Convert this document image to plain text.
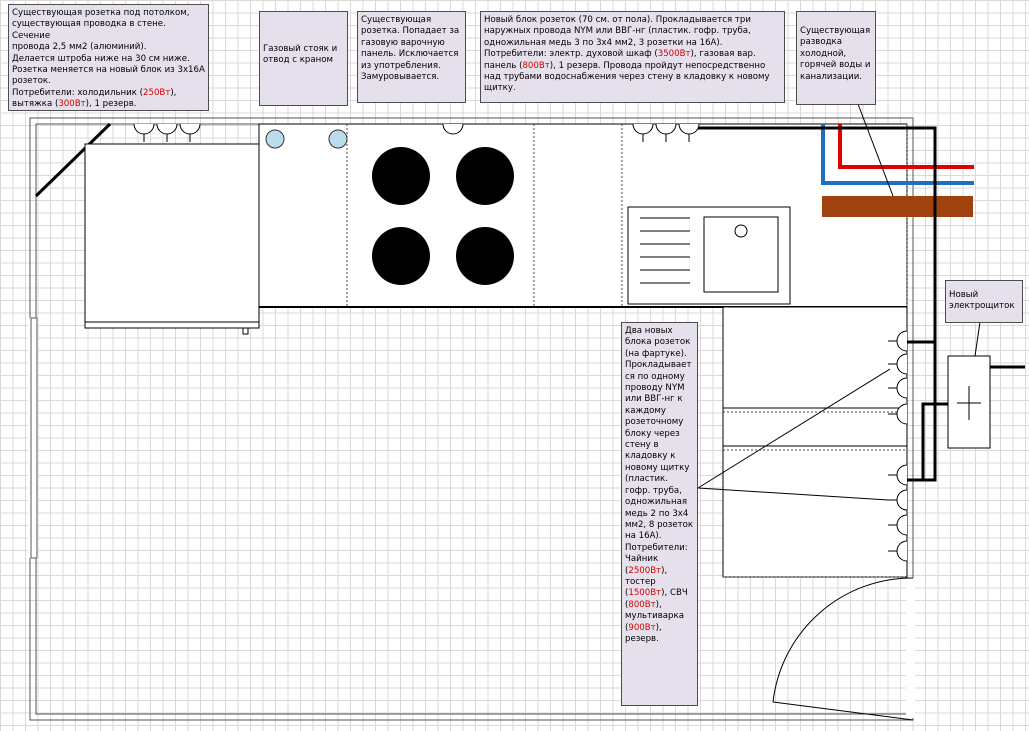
Существующая розетка под потолком,
существующая проводка в стене. Сечение
провода 2,5 мм2 (алюминий).
Делается штроба ниже на 30 см ниже.
Розетка меняется на новый блок из 3х16А
розеток.
Потребители: холодильник (250Вт),
вытяжка (300Вт), 1 резерв.
Газовый стояк и отвод с краном
Существующая розетка. Попадает за газовую варочную панель. Исключается из употребления. Замуровывается.
Новый блок розеток (70 см. от пола). Прокладывается три наружных провода NYM или ВВГ-нг (пластик. гофр. труба, одножильная медь 3 по 3х4 мм2, 3 розетки на 16А). Потребители: электр. духовой шкаф (3500Вт), газовая вар. панель (800Вт), 1 резерв. Провода пройдут непосредственно над трубами водоснабжения через стену в кладовку к новому щитку.
Существующая разводка холодной, горячей воды и канализации.
Новый электрощиток
Два новых блока розеток (на фартуке). Прокладывается по одному проводу NYM или ВВГ-нг к каждому розеточному блоку через стену в кладовку к новому щитку (пластик. гофр. труба, одножильная медь 2 по 3х4 мм2, 8 розеток на 16А). Потребители: Чайник (2500Вт), тостер (1500Вт), СВЧ (800Вт), мультиварка (900Вт), резерв.
